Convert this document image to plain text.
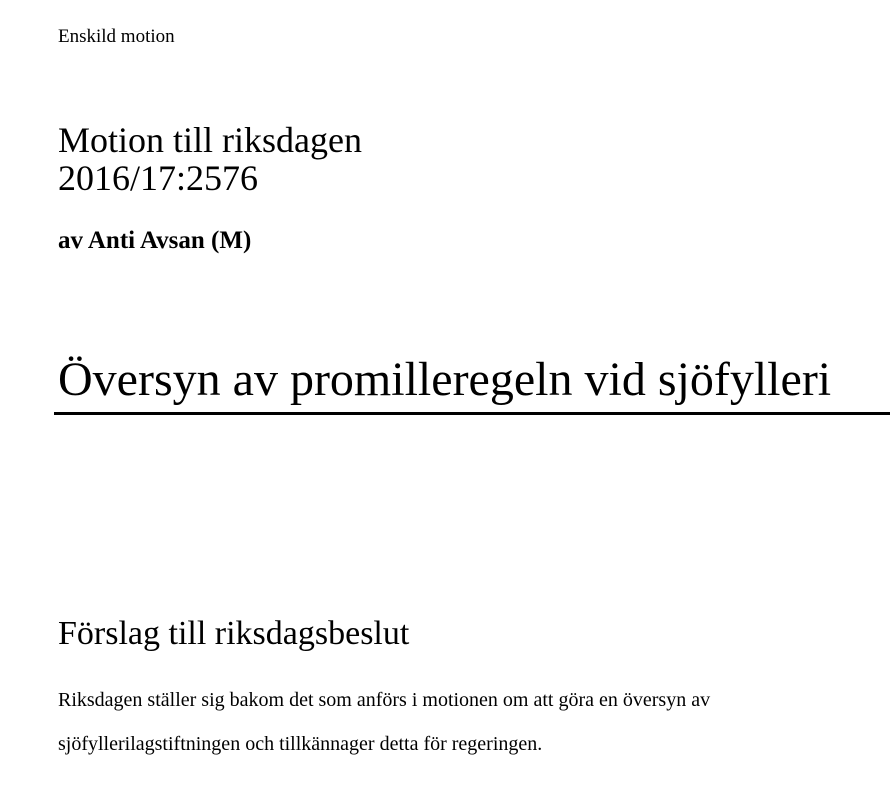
Enskild motion
Motion till riksdagen
2016/17:2576
av Anti Avsan (M)
Översyn av promilleregeln vid sjöfylleri
Förslag till riksdagsbeslut
Riksdagen ställer sig bakom det som anförs i motionen om att göra en översyn av sjöfyllerilagstiftningen och tillkännager detta för regeringen.
